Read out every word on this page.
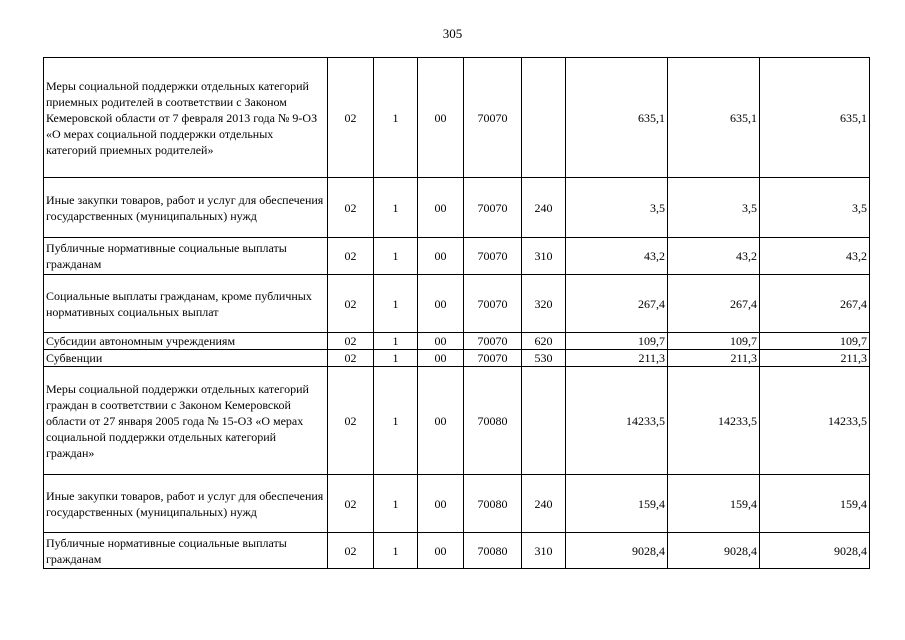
305
Меры социальной поддержки отдельных категорий приемных родителей в соответствии с Законом Кемеровской области от 7 февраля 2013 года № 9-ОЗ «О мерах социальной поддержки отдельных категорий приемных родителей»	02	1	00	70070		635,1	635,1	635,1
Иные закупки товаров, работ и услуг для обеспечения государственных (муниципальных) нужд	02	1	00	70070	240	3,5	3,5	3,5
Публичные нормативные социальные выплаты гражданам	02	1	00	70070	310	43,2	43,2	43,2
Социальные выплаты гражданам, кроме публичных нормативных социальных выплат	02	1	00	70070	320	267,4	267,4	267,4
Субсидии автономным учреждениям	02	1	00	70070	620	109,7	109,7	109,7
Субвенции	02	1	00	70070	530	211,3	211,3	211,3
Меры социальной поддержки отдельных категорий граждан в соответствии с Законом Кемеровской области от 27 января 2005 года № 15-ОЗ «О мерах социальной поддержки отдельных категорий граждан»	02	1	00	70080		14233,5	14233,5	14233,5
Иные закупки товаров, работ и услуг для обеспечения государственных (муниципальных) нужд	02	1	00	70080	240	159,4	159,4	159,4
Публичные нормативные социальные выплаты гражданам	02	1	00	70080	310	9028,4	9028,4	9028,4
